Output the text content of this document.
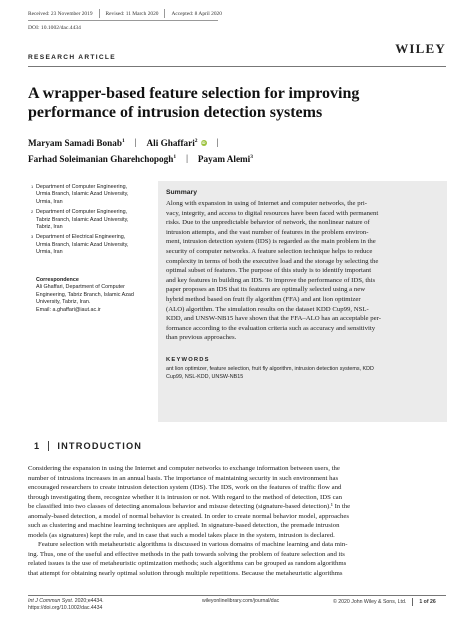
Received: 23 November 2019	Revised: 11 March 2020	Accepted: 8 April 2020
DOI: 10.1002/dac.4434
WILEY
RESEARCH ARTICLE
A wrapper-based feature selection for improving
performance of intrusion detection systems
Maryam Samadi Bonab$^1$	|	Ali Ghaffari$^2$ iD	|
Farhad Soleimanian Gharehchopogh$^1$	|	Payam Alemi$^3$
1 Department of Computer Engineering,
Urmia Branch, Islamic Azad University,
Urmia, Iran
2 Department of Computer Engineering,
Tabriz Branch, Islamic Azad University,
Tabriz, Iran
3 Department of Electrical Engineering,
Urmia Branch, Islamic Azad University,
Urmia, Iran
Correspondence
Ali Ghaffari, Department of Computer
Engineering, Tabriz Branch, Islamic Azad
University, Tabriz, Iran.
Email: a.ghaffari@iaut.ac.ir
Summary
Along with expansion in using of Internet and computer networks, the pri-
vacy, integrity, and access to digital resources have been faced with permanent
risks. Due to the unpredictable behavior of network, the nonlinear nature of
intrusion attempts, and the vast number of features in the problem environ-
ment, intrusion detection system (IDS) is regarded as the main problem in the
security of computer networks. A feature selection technique helps to reduce
complexity in terms of both the executive load and the storage by selecting the
optimal subset of features. The purpose of this study is to identify important
and key features in building an IDS. To improve the performance of IDS, this
paper proposes an IDS that its features are optimally selected using a new
hybrid method based on fruit fly algorithm (FFA) and ant lion optimizer
(ALO) algorithm. The simulation results on the dataset KDD Cup99, NSL-
KDD, and UNSW-NB15 have shown that the FFA–ALO has an acceptable per-
formance according to the evaluation criteria such as accuracy and sensitivity
than previous approaches.
KEYWORDS
ant lion optimizer, feature selection, fruit fly algorithm, intrusion detection systems, KDD
Cup99, NSL-KDD, UNSW-NB15
1 INTRODUCTION
Considering the expansion in using the Internet and computer networks to exchange information between users, the
number of intrusions increases in an annual basis. The importance of maintaining security in such environment has
encouraged researchers to create intrusion detection system (IDS). The IDS, work on the features of traffic flow and
through investigating them, recognize whether it is intrusion or not. With regard to the method of detection, IDS can
be classified into two classes of detecting anomalous behavior and misuse detecting (signature-based detection).¹ In the
anomaly-based detection, a model of normal behavior is created. In order to create normal behavior model, approaches
such as clustering and machine learning techniques are applied. In signature-based detection, the premade intrusion
models (as signatures) kept the rule, and in case that such a model takes place in the system, intrusion is declared.
Feature selection with metaheuristic algorithms is discussed in various domains of machine learning and data min-
ing. Thus, one of the useful and effective methods in the path towards solving the problem of feature selection and its
related issues is the use of metaheuristic optimization methods; such algorithms can be grouped as random algorithms
that attempt for obtaining nearly optimal solution through multiple repetitions. Because the metaheuristic algorithms
Int J Commun Syst. 2020;e4434.
https://doi.org/10.1002/dac.4434
wileyonlinelibrary.com/journal/dac	© 2020 John Wiley & Sons, Ltd.	1 of 26
